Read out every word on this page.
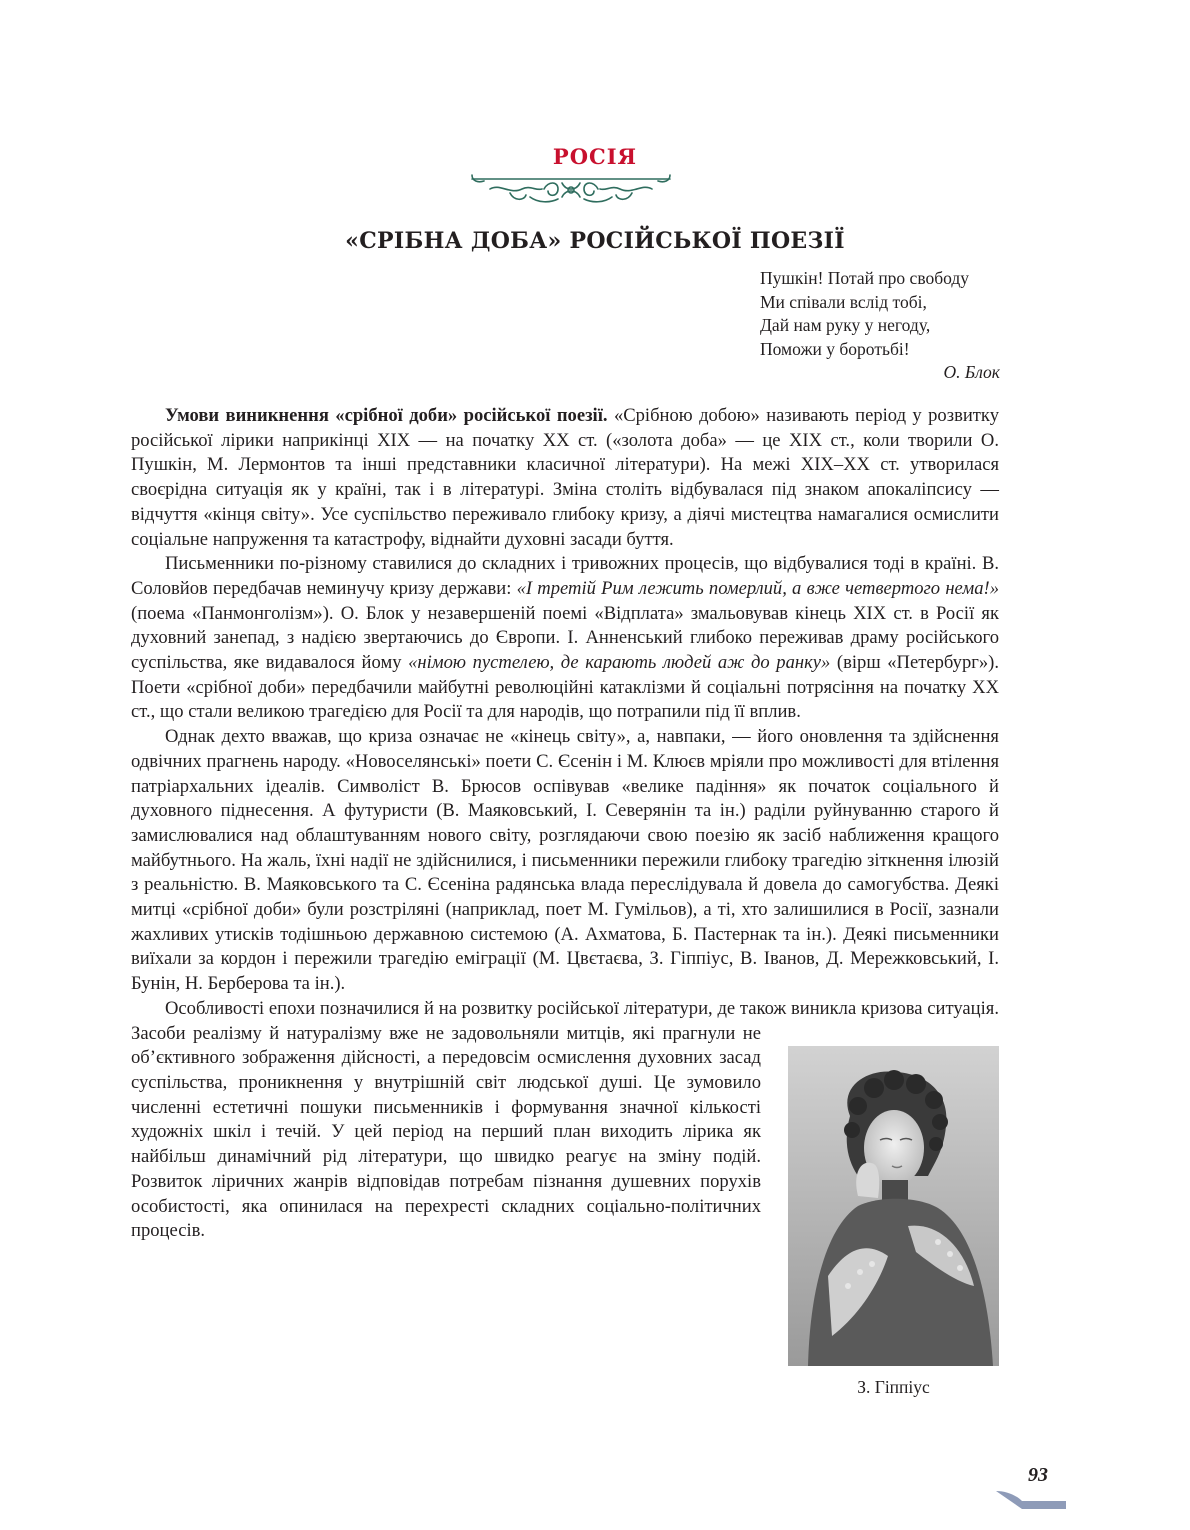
РОСІЯ
«СРІБНА ДОБА» РОСІЙСЬКОЇ ПОЕЗІЇ
Пушкін! Потай про свободу
Ми співали вслід тобі,
Дай нам руку у негоду,
Поможи у боротьбі!
О. Блок
З. Гіппіус

Умови виникнення «срібної доби» російської поезії. «Срібною добою» називають період у розвитку російської лірики наприкінці XIX — на початку XX ст. («золота доба» — це XIX ст., коли творили О. Пушкін, М. Лермонтов та інші представники класичної літератури). На межі XIX–XX ст. утворилася своєрідна ситуація як у країні, так і в літературі. Зміна століть відбувалася під знаком апокаліпсису — відчуття «кінця світу». Усе суспільство переживало глибоку кризу, а діячі мистецтва намагалися осмислити соціальне напруження та катастрофу, віднайти духовні засади буття.

Письменники по-різному ставилися до складних і тривожних процесів, що відбувалися тоді в країні. В. Соловйов передбачав неминучу кризу держави: «І третій Рим лежить померлий, а вже четвертого нема!» (поема «Панмонголізм»). О. Блок у незавершеній поемі «Відплата» змальовував кінець XIX ст. в Росії як духовний занепад, з надією звертаючись до Європи. І. Анненський глибоко переживав драму російського суспільства, яке видавалося йому «німою пустелею, де карають людей аж до ранку» (вірш «Петербург»). Поети «срібної доби» передбачили майбутні революційні катаклізми й соціальні потрясіння на початку XX ст., що стали великою трагедією для Росії та для народів, що потрапили під її вплив.

Однак дехто вважав, що криза означає не «кінець світу», а, навпаки, — його оновлення та здійснення одвічних прагнень народу. «Новоселянські» поети С. Єсенін і М. Клюєв мріяли про можливості для втілення патріархальних ідеалів. Символіст В. Брюсов оспівував «велике падіння» як початок соціального й духовного піднесення. А футуристи (В. Маяковський, І. Северянін та ін.) раділи руйнуванню старого й замислювалися над облаштуванням нового світу, розглядаючи свою поезію як засіб наближення кращого майбутнього. На жаль, їхні надії не здійснилися, і письменники пережили глибоку трагедію зіткнення ілюзій з реальністю. В. Маяковського та С. Єсеніна радянська влада переслідувала й довела до самогубства. Деякі митці «срібної доби» були розстріляні (наприклад, поет М. Гумільов), а ті, хто залишилися в Росії, зазнали жахливих утисків тодішньою державною системою (А. Ахматова, Б. Пастернак та ін.). Деякі письменники виїхали за кордон і пережили трагедію еміграції (М. Цвєтаєва, З. Гіппіус, В. Іванов, Д. Мережковський, І. Бунін, Н. Берберова та ін.).

Особливості епохи позначилися й на розвитку російської літератури, де також виникла кризова ситуація. Засоби реалізму й натуралізму вже не задовольняли митців, які прагнули не об’єктивного зображення дійсності, а передовсім осмислення духовних засад суспільства, проникнення у внутрішній світ людської душі. Це зумовило численні естетичні пошуки письменників і формування значної кількості художніх шкіл і течій. У цей період на перший план виходить лірика як найбільш динамічний рід літератури, що швидко реагує на зміну подій. Розвиток ліричних жанрів відповідав потребам пізнання душевних порухів особистості, яка опинилася на перехресті складних соціально-політичних процесів.

93
